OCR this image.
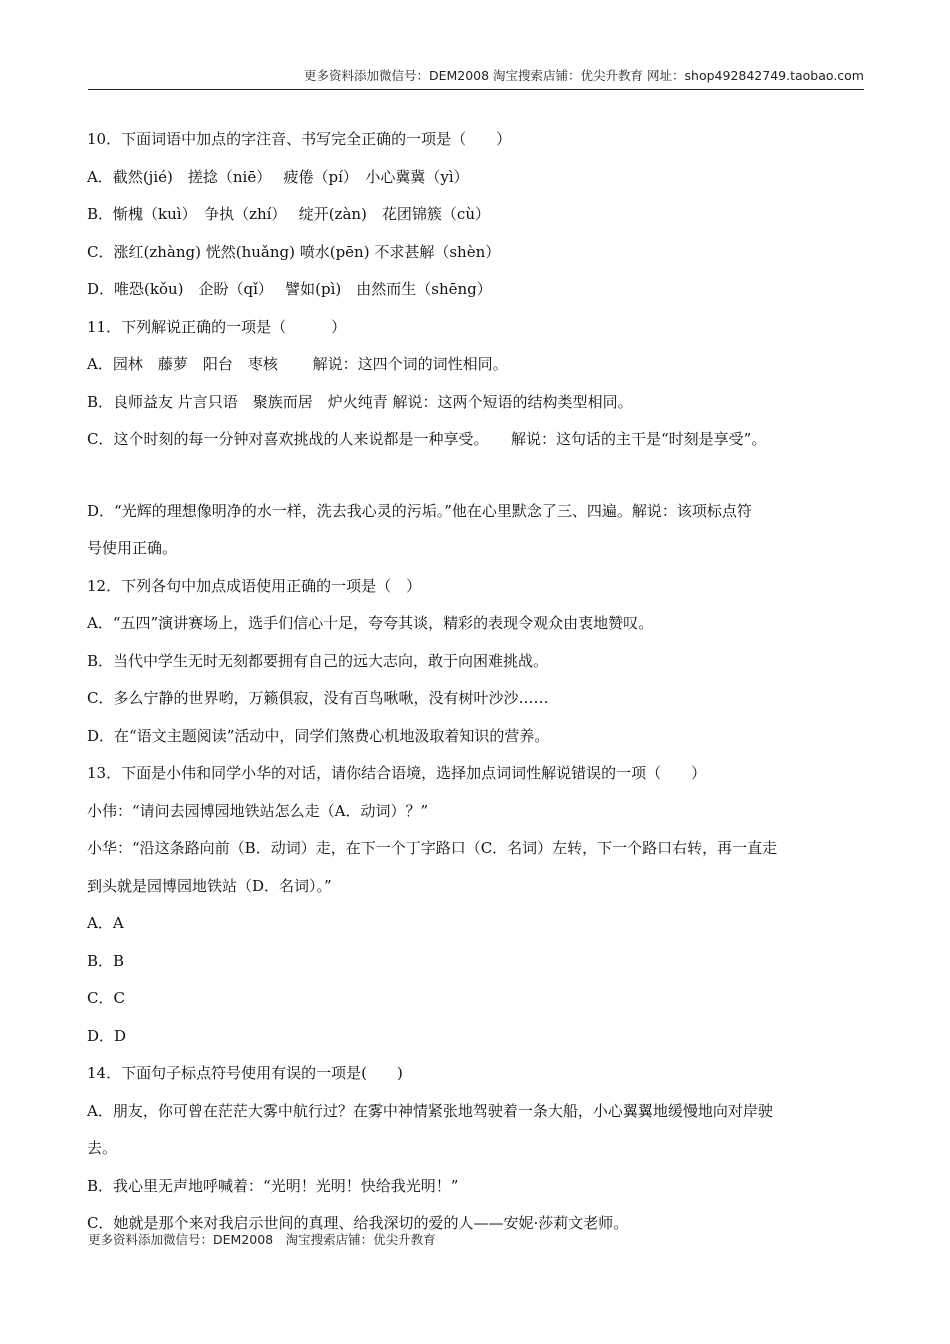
更多资料添加微信号：DEM2008 淘宝搜索店铺：优尖升教育 网址：shop492842749.taobao.com
10．下面词语中加点的字注音、书写完全正确的一项是（　　）
A．截然(jié)　搓捻（niē）　 疲倦（pí）　小心冀冀（yì）
B．惭槐（kuì）　争执（zhí）　 绽开(zàn)　花团锦簇（cù）
C．涨红(zhàng) 恍然(huǎng) 喷水(pēn) 不求甚解（shèn）
D．唯恐(kǒu)　企盼（qǐ）　 譬如(pì)　由然而生（shēng）
11．下列解说正确的一项是（　　　）
A．园林　藤萝　阳台　枣核　　 解说：这四个词的词性相同。
B．良师益友 片言只语　聚族而居　炉火纯青 解说：这两个短语的结构类型相同。
C．这个时刻的每一分钟对喜欢挑战的人来说都是一种享受。　　解说：这句话的主干是“时刻是享受”。
D．“光辉的理想像明净的水一样，洗去我心灵的污垢。”他在心里默念了三、四遍。解说：该项标点符
号使用正确。
12．下列各句中加点成语使用正确的一项是（　）
A．“五四”演讲赛场上，选手们信心十足，夸夸其谈，精彩的表现令观众由衷地赞叹。
B．当代中学生无时无刻都要拥有自己的远大志向，敢于向困难挑战。
C．多么宁静的世界哟，万籁俱寂，没有百鸟啾啾，没有树叶沙沙……
D．在“语文主题阅读”活动中，同学们煞费心机地汲取着知识的营养。
13．下面是小伟和同学小华的对话，请你结合语境，选择加点词词性解说错误的一项（　　）
小伟：“请问去园博园地铁站怎么走（A．动词）？”
小华：“沿这条路向前（B．动词）走，在下一个丁字路口（C．名词）左转，下一个路口右转，再一直走
到头就是园博园地铁站（D．名词）。”
A．A
B．B
C．C
D．D
14．下面句子标点符号使用有误的一项是(　　)
A．朋友，你可曾在茫茫大雾中航行过？在雾中神情紧张地驾驶着一条大船，小心翼翼地缓慢地向对岸驶
去。
B．我心里无声地呼喊着：“光明！光明！快给我光明！”
C．她就是那个来对我启示世间的真理、给我深切的爱的人——安妮·莎莉文老师。
更多资料添加微信号：DEM2008　淘宝搜索店铺：优尖升教育
